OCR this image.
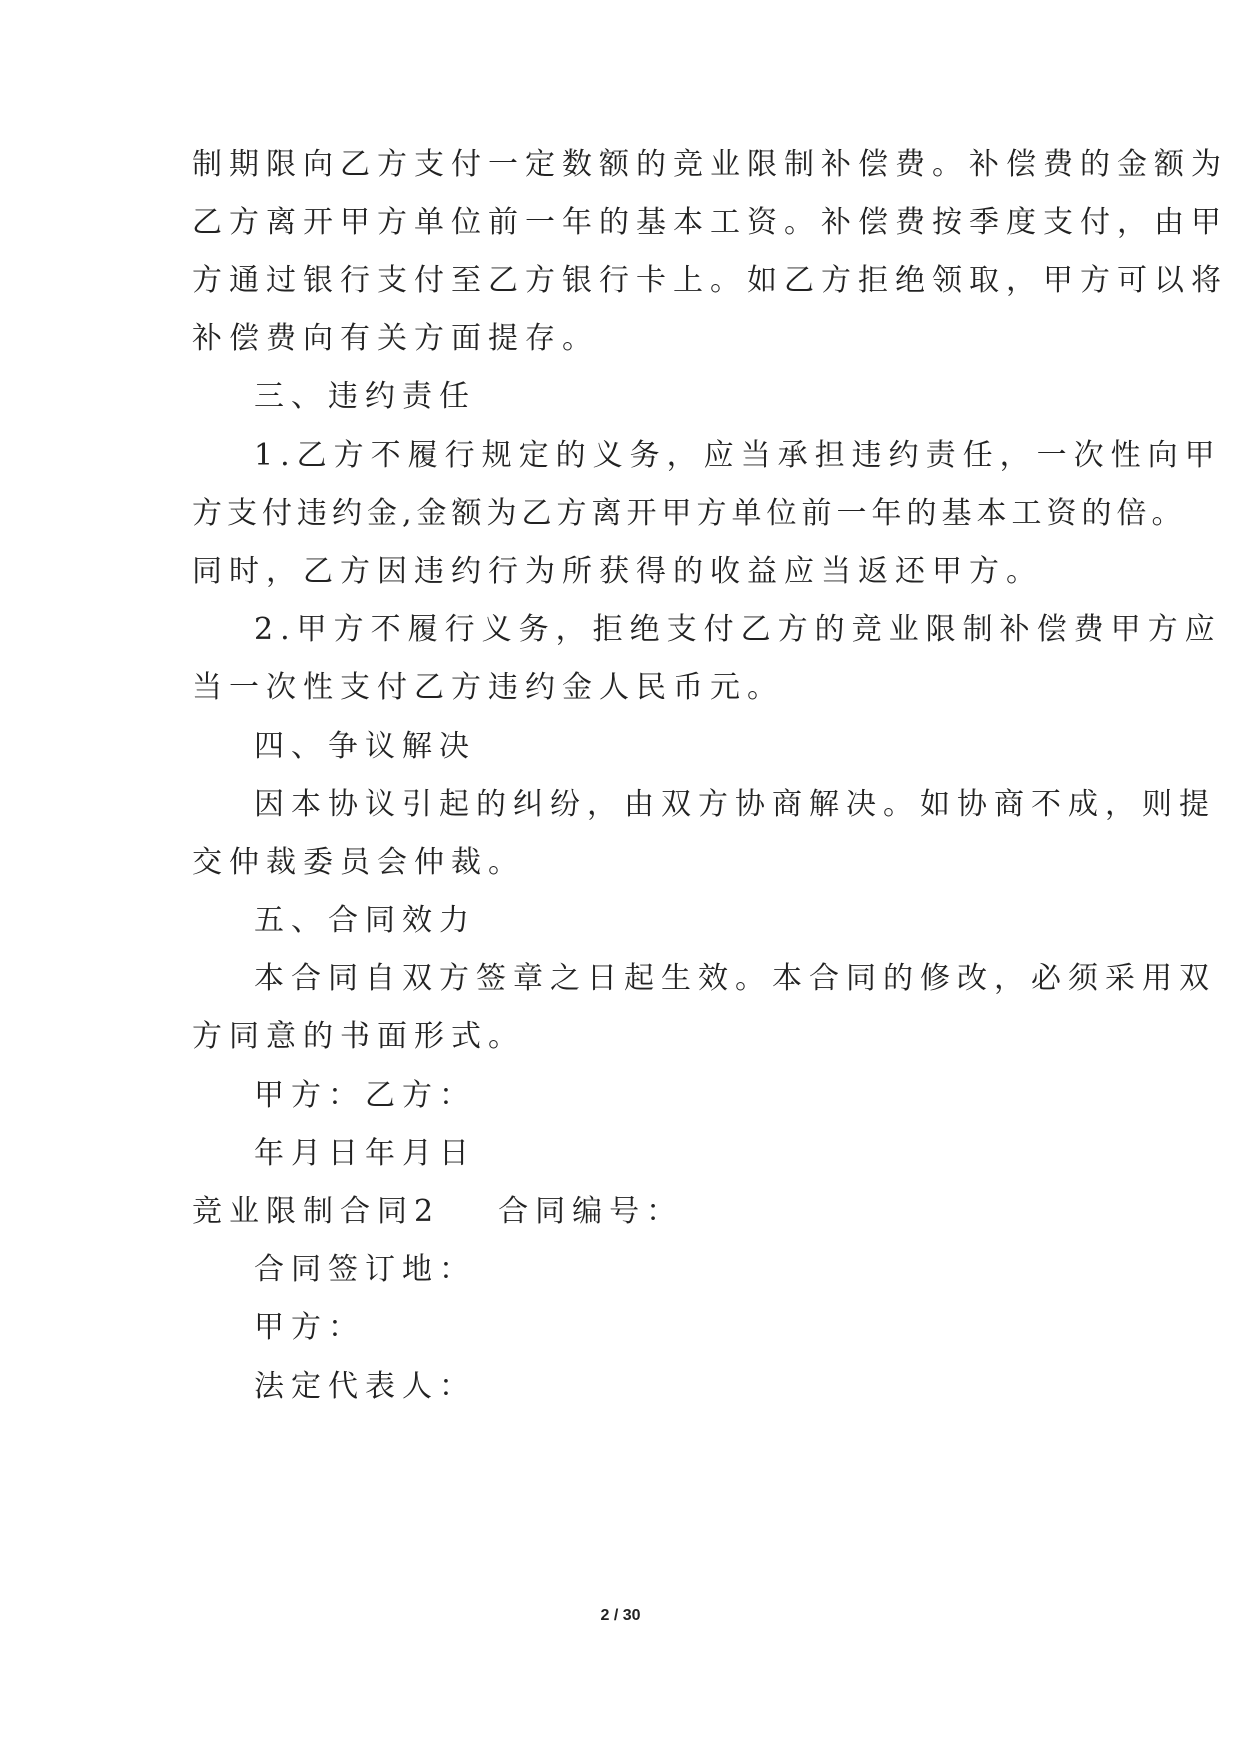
制期限向乙方支付一定数额的竞业限制补偿费。补偿费的金额为
乙方离开甲方单位前一年的基本工资。补偿费按季度支付，由甲
方通过银行支付至乙方银行卡上。如乙方拒绝领取，甲方可以将
补偿费向有关方面提存。
三、违约责任
1.乙方不履行规定的义务，应当承担违约责任，一次性向甲
方支付违约金,金额为乙方离开甲方单位前一年的基本工资的倍。
同时，乙方因违约行为所获得的收益应当返还甲方。
2.甲方不履行义务，拒绝支付乙方的竞业限制补偿费甲方应
当一次性支付乙方违约金人民币元。
四、争议解决
因本协议引起的纠纷，由双方协商解决。如协商不成，则提
交仲裁委员会仲裁。
五、合同效力
本合同自双方签章之日起生效。本合同的修改，必须采用双
方同意的书面形式。
甲方：乙方：
年月日年月日
竞业限制合同2 合同编号：
合同签订地：
甲方：
法定代表人：
2 / 30
